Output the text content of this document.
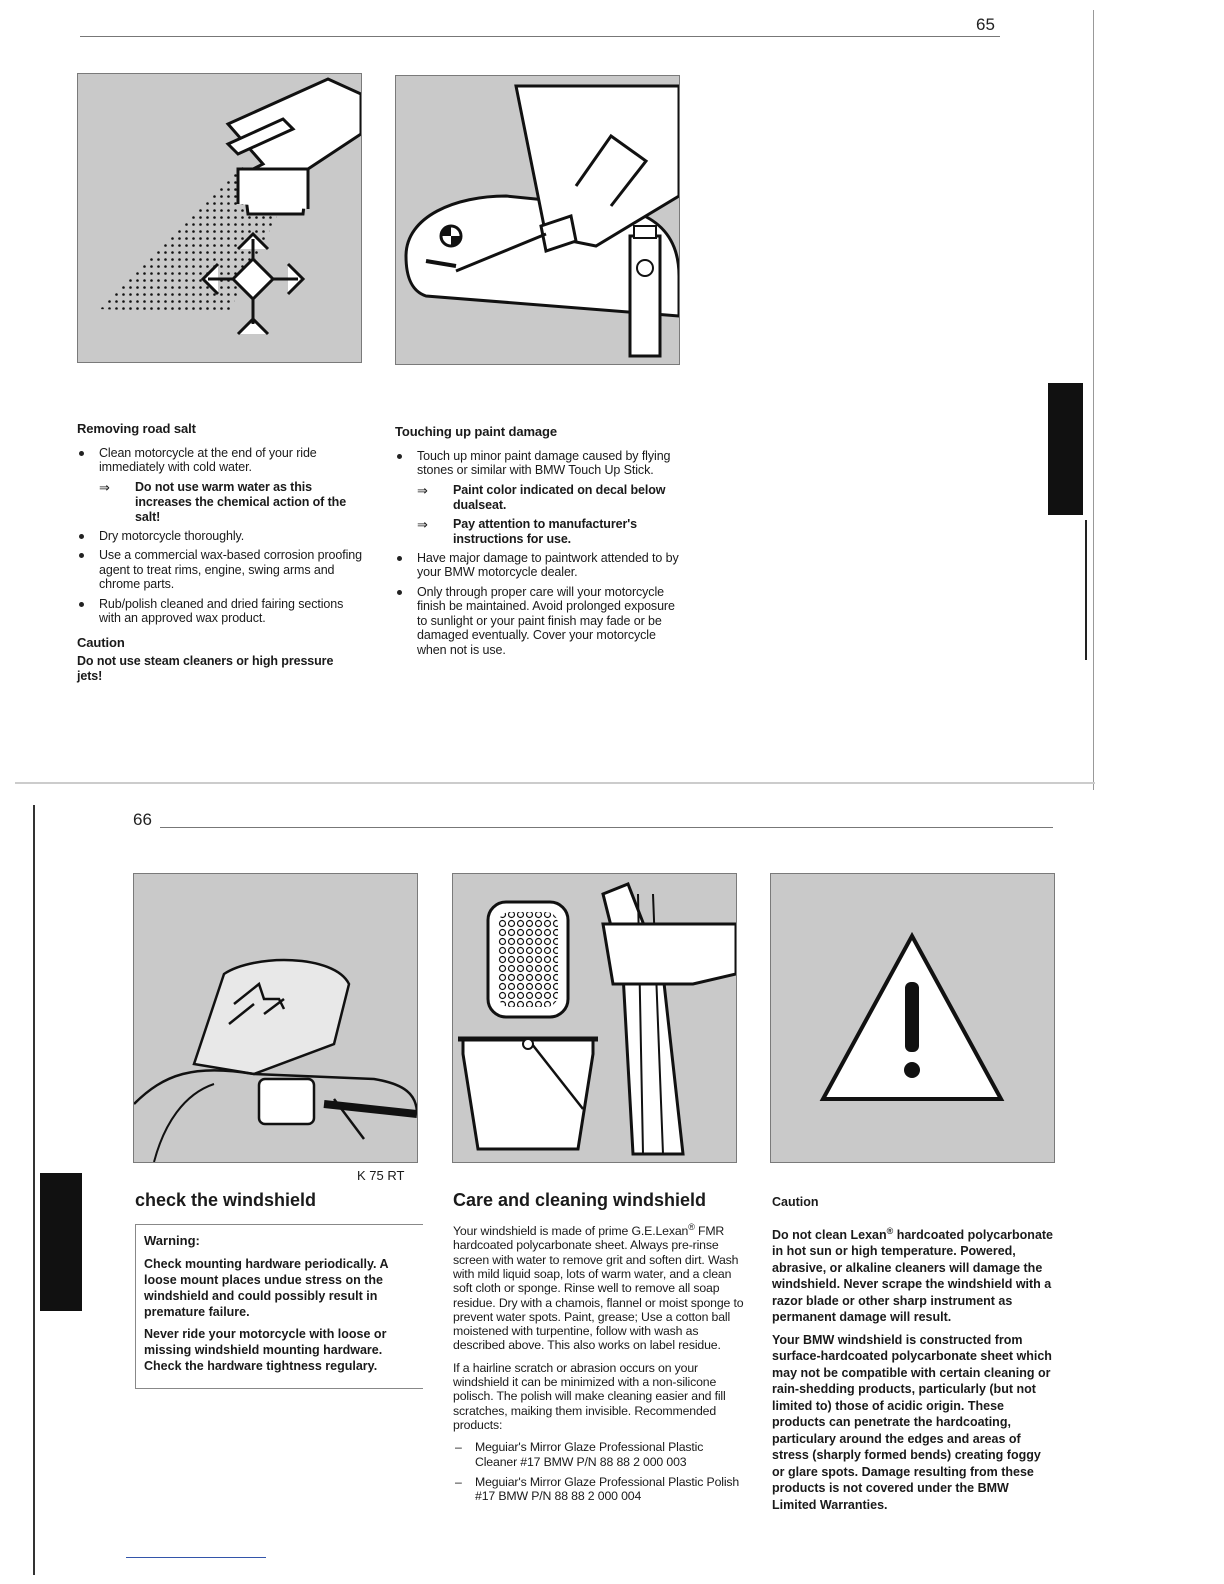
65
Removing road salt
Clean motorcycle at the end of your ride immediately with cold water.
⇒ Do not use warm water as this increases the chemical action of the salt!
Dry motorcycle thoroughly.
Use a commercial wax-based corrosion proofing agent to treat rims, engine, swing arms and chrome parts.
Rub/polish cleaned and dried fairing sections with an approved wax product.
Caution
Do not use steam cleaners or high pressure jets!
Touching up paint damage
Touch up minor paint damage caused by flying stones or similar with BMW Touch Up Stick.
⇒ Paint color indicated on decal below dualseat.
⇒ Pay attention to manufacturer's instructions for use.
Have major damage to paintwork attended to by your BMW motorcycle dealer.
Only through proper care will your motorcycle finish be maintained. Avoid prolonged exposure to sunlight or your paint finish may fade or be damaged eventually. Cover your motorcycle when not is use.
66
K 75 RT
check the windshield

Warning:

Check mounting hardware periodically. A loose mount places undue stress on the windshield and could possibly result in premature failure.

Never ride your motorcycle with loose or missing windshield mounting hardware. Check the hardware tightness regulary.

Care and cleaning windshield

Your windshield is made of prime G.E.Lexan® FMR hardcoated polycarbonate sheet. Always pre-rinse screen with water to remove grit and soften dirt. Wash with mild liquid soap, lots of warm water, and a clean soft cloth or sponge. Rinse well to remove all soap residue. Dry with a chamois, flannel or moist sponge to prevent water spots. Paint, grease; Use a cotton ball moistened with turpentine, follow with wash as described above. This also works on label residue.

If a hairline scratch or abrasion occurs on your windshield it can be minimized with a non-silicone polisch. The polish will make cleaning easier and fill scratches, maiking them invisible. Recommended products:

– Meguiar's Mirror Glaze Professional Plastic Cleaner #17 BMW P/N 88 88 2 000 003
– Meguiar's Mirror Glaze Professional Plastic Polish #17 BMW P/N 88 88 2 000 004

Caution

Do not clean Lexan® hardcoated polycarbonate in hot sun or high temperature. Powered, abrasive, or alkaline cleaners will damage the windshield. Never scrape the windshield with a razor blade or other sharp instrument as permanent damage will result.

Your BMW windshield is constructed from surface-hardcoated polycarbonate sheet which may not be compatible with certain cleaning or rain-shedding products, particularly (but not limited to) those of acidic origin. These products can penetrate the hardcoating, particulary around the edges and areas of stress (sharply formed bends) creating foggy or glare spots. Damage resulting from these products is not covered under the BMW Limited Warranties.
